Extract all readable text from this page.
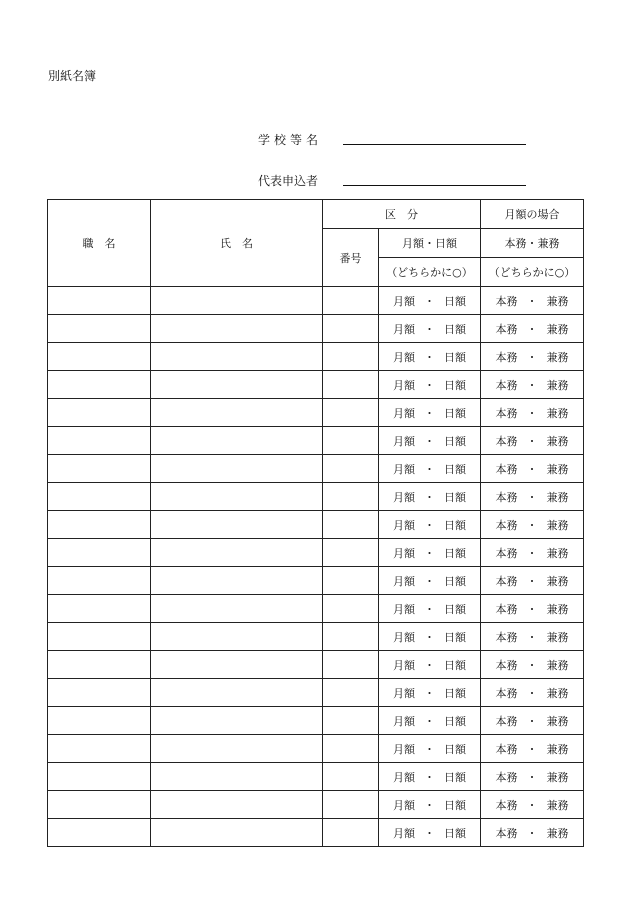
別紙名簿
学校等名
代表申込者
職　名	氏　名	区　分		月額の場合
		番号	月額・日額	本務・兼務
			（どちらかに○）	（どちらかに○）
			月額 ・ 日額	本務 ・ 兼務
			月額 ・ 日額	本務 ・ 兼務
			月額 ・ 日額	本務 ・ 兼務
			月額 ・ 日額	本務 ・ 兼務
			月額 ・ 日額	本務 ・ 兼務
			月額 ・ 日額	本務 ・ 兼務
			月額 ・ 日額	本務 ・ 兼務
			月額 ・ 日額	本務 ・ 兼務
			月額 ・ 日額	本務 ・ 兼務
			月額 ・ 日額	本務 ・ 兼務
			月額 ・ 日額	本務 ・ 兼務
			月額 ・ 日額	本務 ・ 兼務
			月額 ・ 日額	本務 ・ 兼務
			月額 ・ 日額	本務 ・ 兼務
			月額 ・ 日額	本務 ・ 兼務
			月額 ・ 日額	本務 ・ 兼務
			月額 ・ 日額	本務 ・ 兼務
			月額 ・ 日額	本務 ・ 兼務
			月額 ・ 日額	本務 ・ 兼務
			月額 ・ 日額	本務 ・ 兼務
